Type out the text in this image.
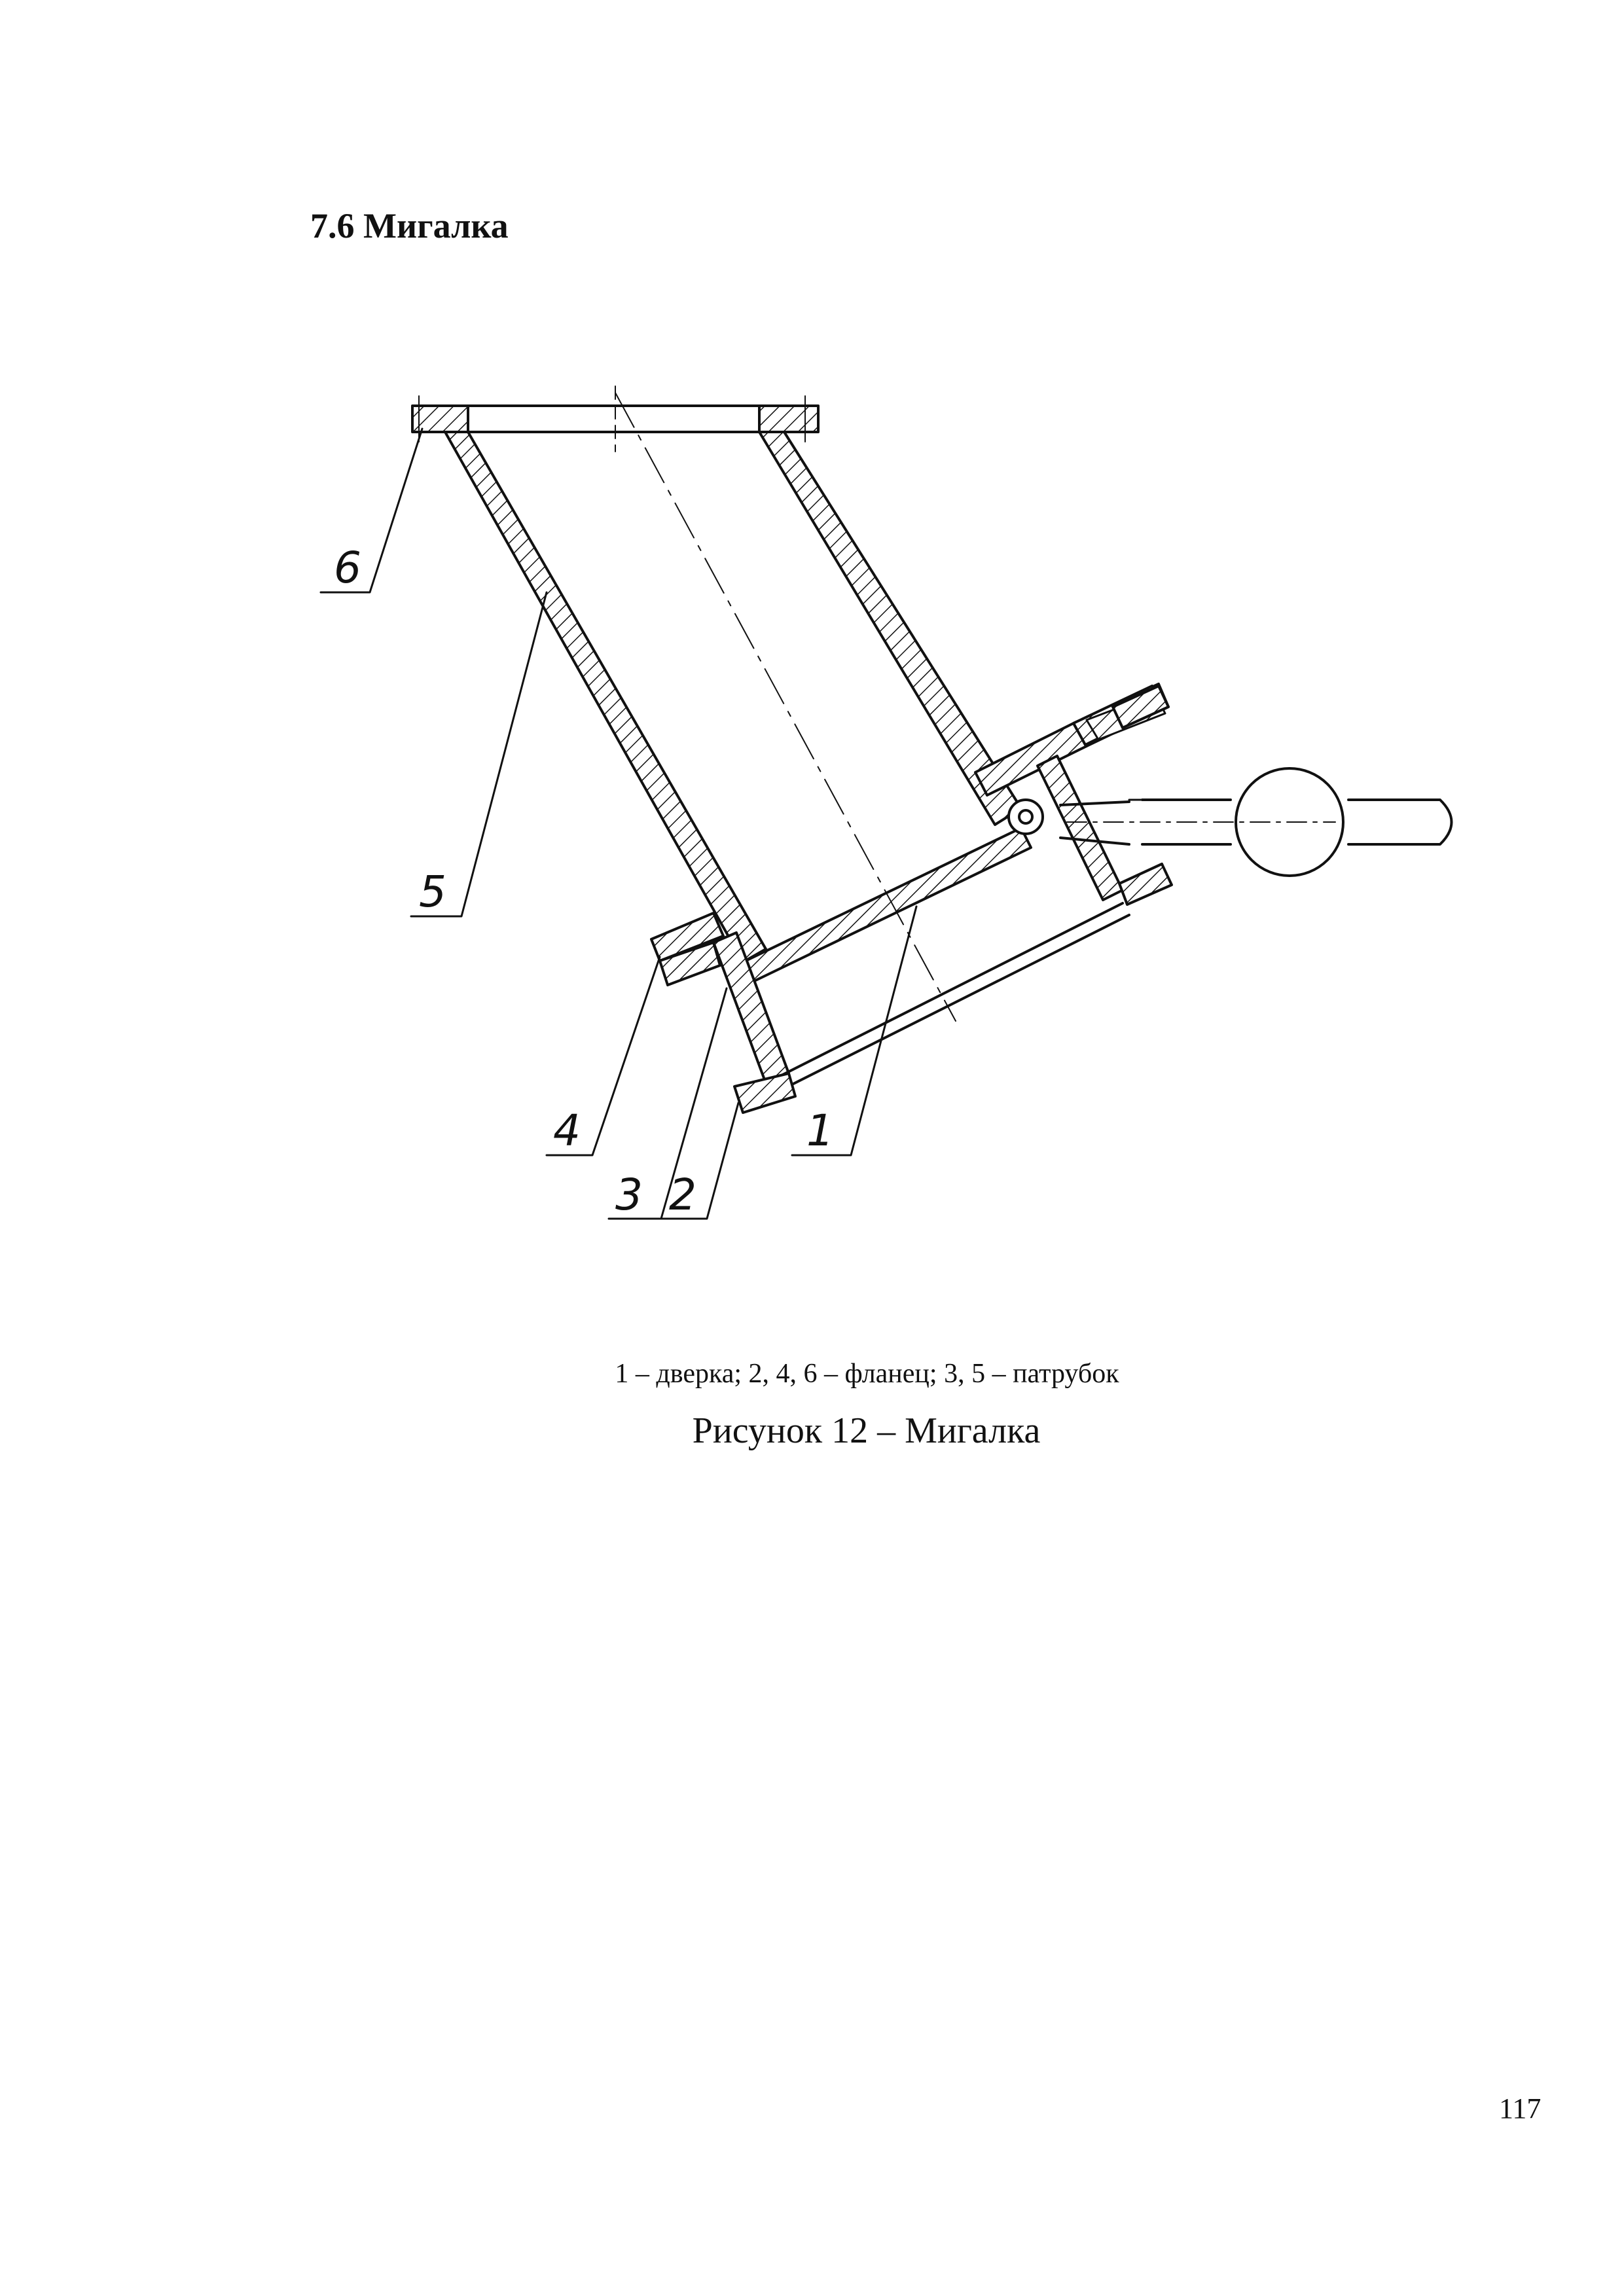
7.6 Мигалка
6
5
4
3 2
1
1 – дверка; 2, 4, 6 – фланец; 3, 5 – патрубок
Рисунок 12 – Мигалка
117
